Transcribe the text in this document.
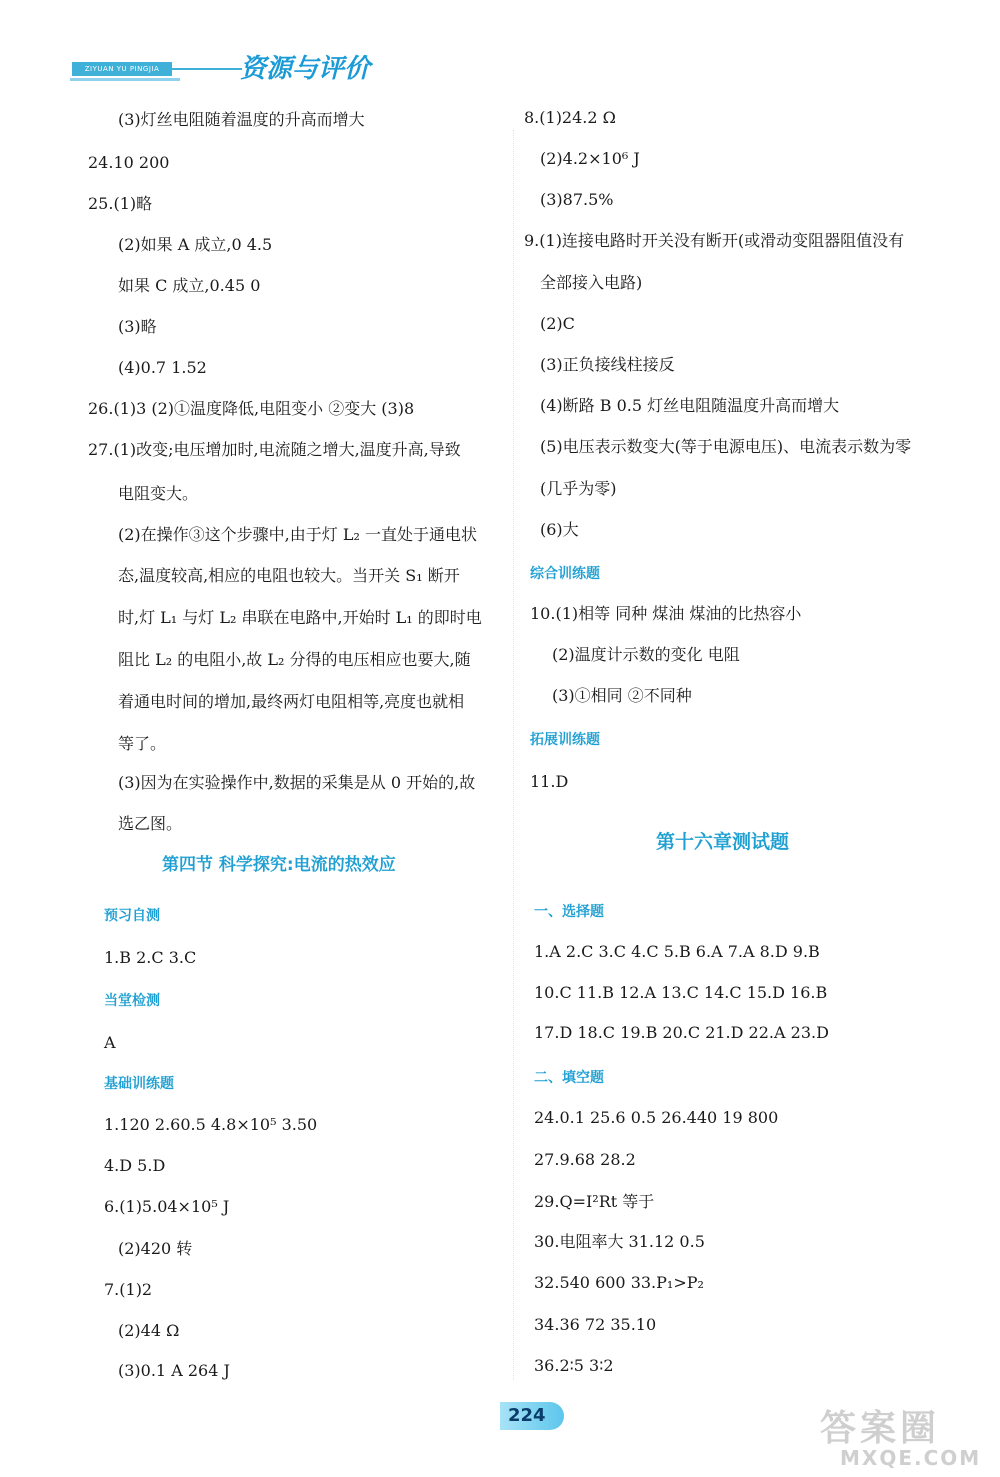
ZIYUAN YU PINGJIA	资源与评价
(3)灯丝电阻随着温度的升高而增大
24.10 200
25.(1)略
(2)如果 A 成立,0 4.5
如果 C 成立,0.45 0
(3)略
(4)0.7 1.52
26.(1)3 (2)①温度降低,电阻变小 ②变大 (3)8
27.(1)改变;电压增加时,电流随之增大,温度升高,导致
电阻变大。
(2)在操作③这个步骤中,由于灯 L₂ 一直处于通电状
态,温度较高,相应的电阻也较大。当开关 S₁ 断开
时,灯 L₁ 与灯 L₂ 串联在电路中,开始时 L₁ 的即时电
阻比 L₂ 的电阻小,故 L₂ 分得的电压相应也要大,随
着通电时间的增加,最终两灯电阻相等,亮度也就相
等了。
(3)因为在实验操作中,数据的采集是从 0 开始的,故
选乙图。
第四节 科学探究:电流的热效应
预习自测
1.B 2.C 3.C
当堂检测
A
基础训练题
1.120 2.60.5 4.8×10⁵ 3.50
4.D 5.D
6.(1)5.04×10⁵ J
(2)420 转
7.(1)2
(2)44 Ω
(3)0.1 A 264 J
8.(1)24.2 Ω
(2)4.2×10⁶ J
(3)87.5%
9.(1)连接电路时开关没有断开(或滑动变阻器阻值没有
全部接入电路)
(2)C
(3)正负接线柱接反
(4)断路 B 0.5 灯丝电阻随温度升高而增大
(5)电压表示数变大(等于电源电压)、电流表示数为零
(几乎为零)
(6)大
综合训练题
10.(1)相等 同种 煤油 煤油的比热容小
(2)温度计示数的变化 电阻
(3)①相同 ②不同种
拓展训练题
11.D
第十六章测试题
一、选择题
1.A 2.C 3.C 4.C 5.B 6.A 7.A 8.D 9.B
10.C 11.B 12.A 13.C 14.C 15.D 16.B
17.D 18.C 19.B 20.C 21.D 22.A 23.D
二、填空题
24.0.1 25.6 0.5 26.440 19 800
27.9.68 28.2
29.Q=I²Rt 等于
30.电阻率大 31.12 0.5
32.540 600 33.P₁>P₂
34.36 72 35.10
36.2∶5 3∶2
224	答案圈
MXQE.COM
